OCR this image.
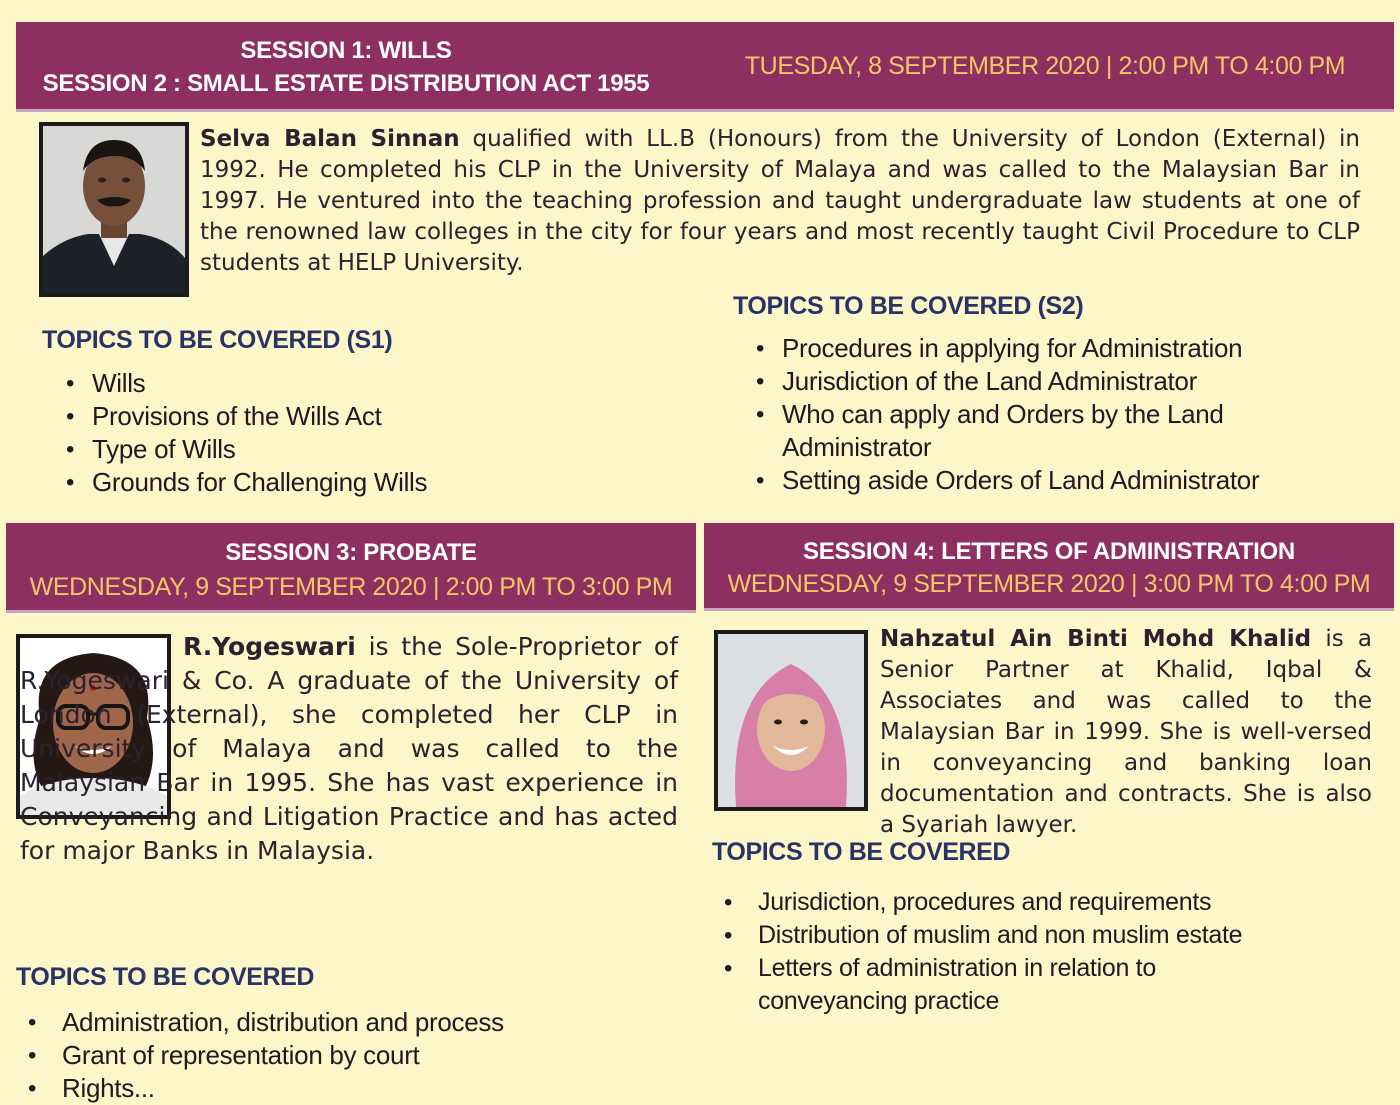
SESSION 1: WILLS
SESSION 2 : SMALL ESTATE DISTRIBUTION ACT 1955
TUESDAY, 8 SEPTEMBER 2020 | 2:00 PM TO 4:00 PM

Selva Balan Sinnan qualified with LL.B (Honours) from the University of London (External) in 1992. He completed his CLP in the University of Malaya and was called to the Malaysian Bar in 1997. He ventured into the teaching profession and taught undergraduate law students at one of the renowned law colleges in the city for four years and most recently taught Civil Procedure to CLP students at HELP University.

TOPICS TO BE COVERED (S1)
• Wills
• Provisions of the Wills Act
• Type of Wills
• Grounds for Challenging Wills
TOPICS TO BE COVERED (S2)
• Procedures in applying for Administration
• Jurisdiction of the Land Administrator
• Who can apply and Orders by the Land Administrator
• Setting aside Orders of Land Administrator
SESSION 3: PROBATE
WEDNESDAY, 9 SEPTEMBER 2020 | 2:00 PM TO 3:00 PM
SESSION 4: LETTERS OF ADMINISTRATION
WEDNESDAY, 9 SEPTEMBER 2020 | 3:00 PM TO 4:00 PM

R.Yogeswari is the Sole-Proprietor of R.Yogeswari & Co. A graduate of the University of London (External), she completed her CLP in University of Malaya and was called to the Malaysian Bar in 1995. She has vast experience in Conveyancing and Litigation Practice and has acted for major Banks in Malaysia.

TOPICS TO BE COVERED
• Administration, distribution and process
• Grant of representation by court
• Rights...

Nahzatul Ain Binti Mohd Khalid is a Senior Partner at Khalid, Iqbal & Associates and was called to the Malaysian Bar in 1999. She is well-versed in conveyancing and banking loan documentation and contracts. She is also a Syariah lawyer.

TOPICS TO BE COVERED
• Jurisdiction, procedures and requirements
• Distribution of muslim and non muslim estate
• Letters of administration in relation to conveyancing practice
